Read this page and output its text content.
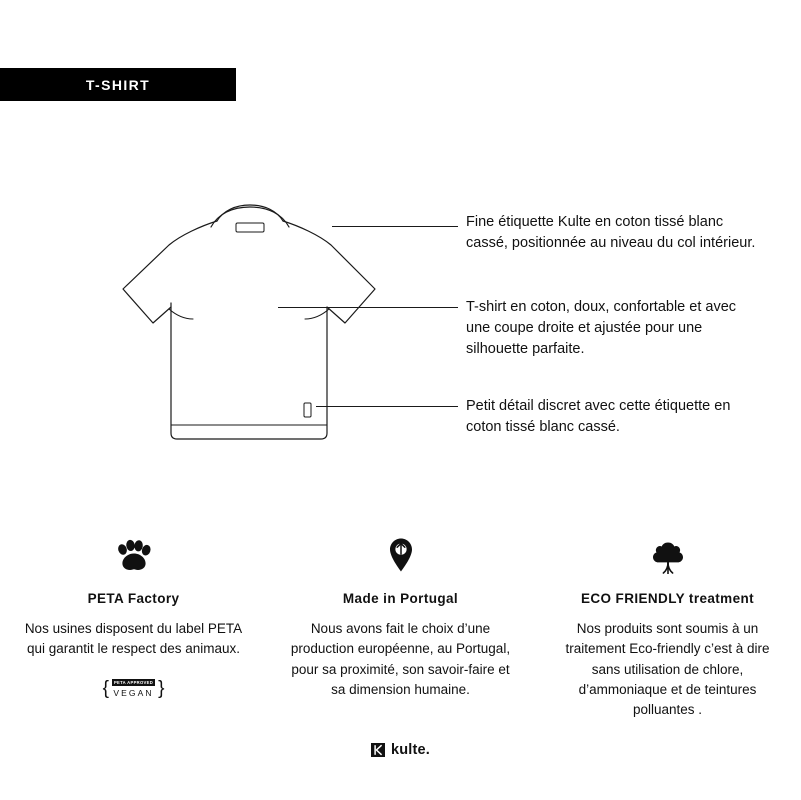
T-SHIRT
Fine étiquette Kulte en coton tissé blanc cassé, positionnée au niveau du col intérieur.
T-shirt en coton, doux, confortable et avec une coupe droite et ajustée pour une silhouette parfaite.
Petit détail discret avec cette étiquette en coton tissé blanc cassé.
PETA Factory
Nos usines disposent du label PETA qui garantit le respect des animaux.
{	PETA APPROVED
VEGAN }
Made in Portugal
Nous avons fait le choix d’une production européenne, au Portugal, pour sa proximité, son savoir-faire et sa dimension humaine.
ECO FRIENDLY treatment
Nos produits sont soumis à un traitement Eco-friendly c’est à dire sans utilisation de chlore, d’ammoniaque et de teintures polluantes .
kulte.
